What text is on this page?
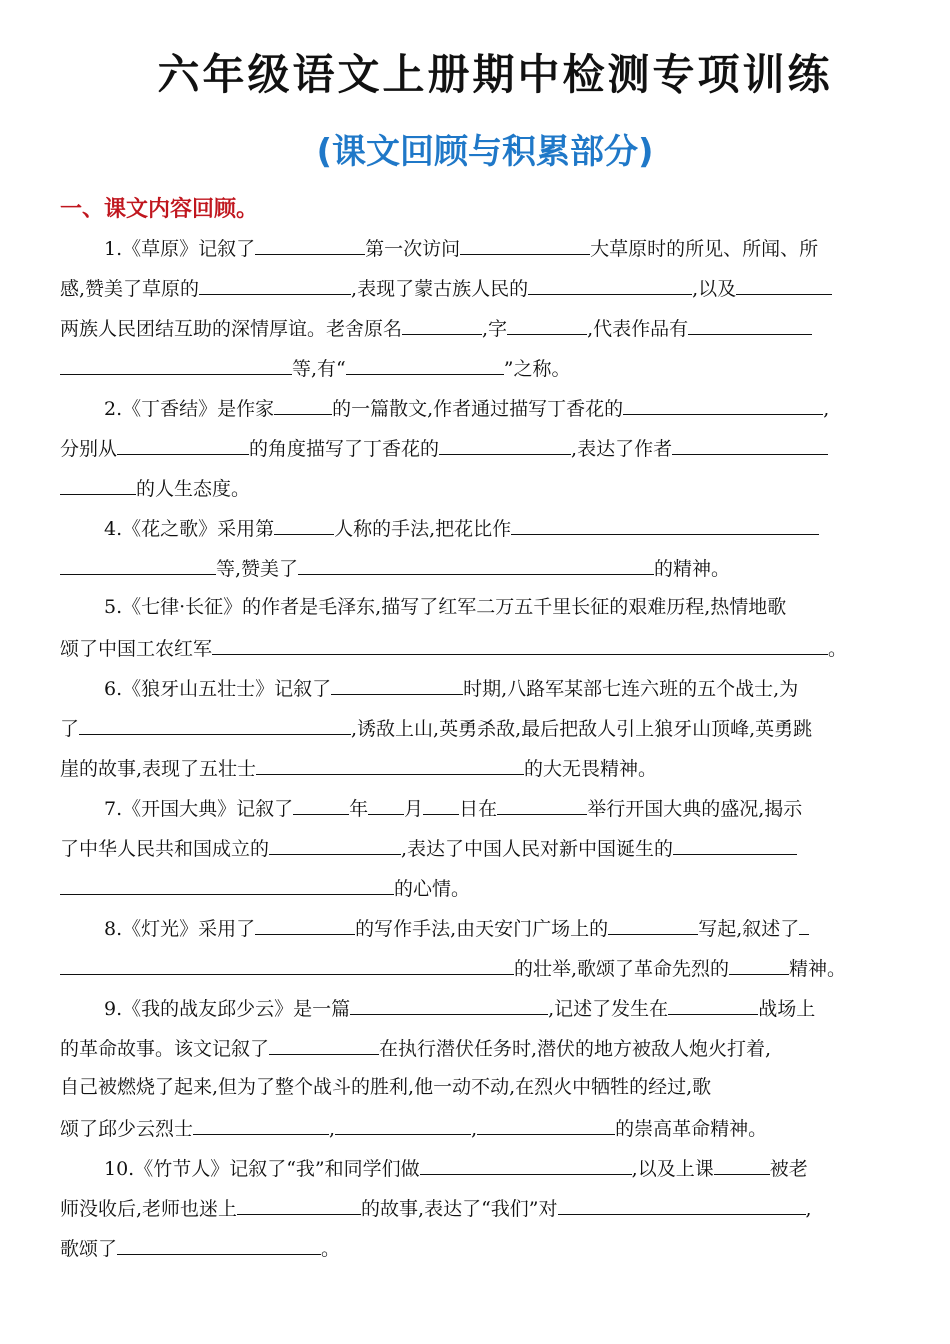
六年级语文上册期中检测专项训练
(课文回顾与积累部分)
一、课文内容回顾。
1.《草原》记叙了	第一次访问	大草原时的所见、所闻、所
感,赞美了草原的	,表现了蒙古族人民的	,以及
两族人民团结互助的深情厚谊。老舍原名	,字	,代表作品有
等,有“	”之称。
2.《丁香结》是作家	的一篇散文,作者通过描写丁香花的	,
分别从	的角度描写了丁香花的	,表达了作者
的人生态度。
4.《花之歌》采用第	人称的手法,把花比作
等,赞美了	的精神。
5.《七律·长征》的作者是毛泽东,描写了红军二万五千里长征的艰难历程,热情地歌
颂了中国工农红军	。
6.《狼牙山五壮士》记叙了	时期,八路军某部七连六班的五个战士,为
了	,诱敌上山,英勇杀敌,最后把敌人引上狼牙山顶峰,英勇跳
崖的故事,表现了五壮士	的大无畏精神。
7.《开国大典》记叙了	年 月 日在	举行开国大典的盛况,揭示
了中华人民共和国成立的	,表达了中国人民对新中国诞生的
的心情。
8.《灯光》采用了	的写作手法,由天安门广场上的	写起,叙述了
的壮举,歌颂了革命先烈的	精神。
9.《我的战友邱少云》是一篇	,记述了发生在	战场上
的革命故事。该文记叙了	在执行潜伏任务时,潜伏的地方被敌人炮火打着,
自己被燃烧了起来,但为了整个战斗的胜利,他一动不动,在烈火中牺牲的经过,歌
颂了邱少云烈士	,	,	的崇高革命精神。
10.《竹节人》记叙了“我”和同学们做	,以及上课	被老
师没收后,老师也迷上	的故事,表达了“我们”对	,
歌颂了	。
